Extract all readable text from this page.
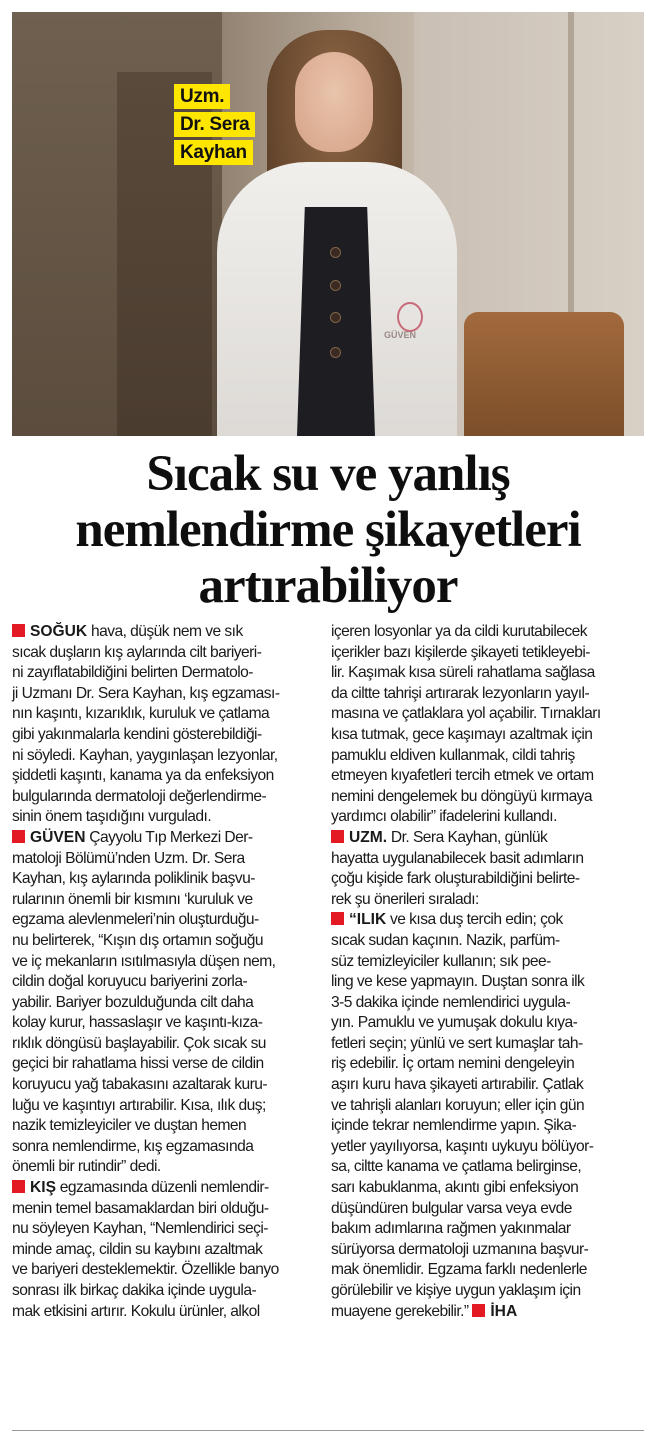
GÜVEN
Uzm.
Dr. Sera
Kayhan
Sıcak su ve yanlış
nemlendirme şikayetleri
artırabiliyor
SOĞUK hava, düşük nem ve sık
sıcak duşların kış aylarında cilt bariyeri-
ni zayıflatabildiğini belirten Dermatolo-
ji Uzmanı Dr. Sera Kayhan, kış egzaması-
nın kaşıntı, kızarıklık, kuruluk ve çatlama
gibi yakınmalarla kendini gösterebildiği-
ni söyledi. Kayhan, yaygınlaşan lezyonlar,
şiddetli kaşıntı, kanama ya da enfeksiyon
bulgularında dermatoloji değerlendirme-
sinin önem taşıdığını vurguladı.
GÜVEN Çayyolu Tıp Merkezi Der-
matoloji Bölümü’nden Uzm. Dr. Sera
Kayhan, kış aylarında poliklinik başvu-
rularının önemli bir kısmını ‘kuruluk ve
egzama alevlenmeleri’nin oluşturduğu-
nu belirterek, “Kışın dış ortamın soğuğu
ve iç mekanların ısıtılmasıyla düşen nem,
cildin doğal koruyucu bariyerini zorla-
yabilir. Bariyer bozulduğunda cilt daha
kolay kurur, hassaslaşır ve kaşıntı-kıza-
rıklık döngüsü başlayabilir. Çok sıcak su
geçici bir rahatlama hissi verse de cildin
koruyucu yağ tabakasını azaltarak kuru-
luğu ve kaşıntıyı artırabilir. Kısa, ılık duş;
nazik temizleyiciler ve duştan hemen
sonra nemlendirme, kış egzamasında
önemli bir rutindir” dedi.
KIŞ egzamasında düzenli nemlendir-
menin temel basamaklardan biri olduğu-
nu söyleyen Kayhan, “Nemlendirici seçi-
minde amaç, cildin su kaybını azaltmak
ve bariyeri desteklemektir. Özellikle banyo
sonrası ilk birkaç dakika içinde uygula-
mak etkisini artırır. Kokulu ürünler, alkol
içeren losyonlar ya da cildi kurutabilecek
içerikler bazı kişilerde şikayeti tetikleyebi-
lir. Kaşımak kısa süreli rahatlama sağlasa
da ciltte tahrişi artırarak lezyonların yayıl-
masına ve çatlaklara yol açabilir. Tırnakları
kısa tutmak, gece kaşımayı azaltmak için
pamuklu eldiven kullanmak, cildi tahriş
etmeyen kıyafetleri tercih etmek ve ortam
nemini dengelemek bu döngüyü kırmaya
yardımcı olabilir” ifadelerini kullandı.
UZM. Dr. Sera Kayhan, günlük
hayatta uygulanabilecek basit adımların
çoğu kişide fark oluşturabildiğini belirte-
rek şu önerileri sıraladı:
“ILIK ve kısa duş tercih edin; çok
sıcak sudan kaçının. Nazik, parfüm-
süz temizleyiciler kullanın; sık pee-
ling ve kese yapmayın. Duştan sonra ilk
3-5 dakika içinde nemlendirici uygula-
yın. Pamuklu ve yumuşak dokulu kıya-
fetleri seçin; yünlü ve sert kumaşlar tah-
riş edebilir. İç ortam nemini dengeleyin
aşırı kuru hava şikayeti artırabilir. Çatlak
ve tahrişli alanları koruyun; eller için gün
içinde tekrar nemlendirme yapın. Şika-
yetler yayılıyorsa, kaşıntı uykuyu bölüyor-
sa, ciltte kanama ve çatlama belirginse,
sarı kabuklanma, akıntı gibi enfeksiyon
düşündüren bulgular varsa veya evde
bakım adımlarına rağmen yakınmalar
sürüyorsa dermatoloji uzmanına başvur-
mak önemlidir. Egzama farklı nedenlerle
görülebilir ve kişiye uygun yaklaşım için
muayene gerekebilir.” İHA
